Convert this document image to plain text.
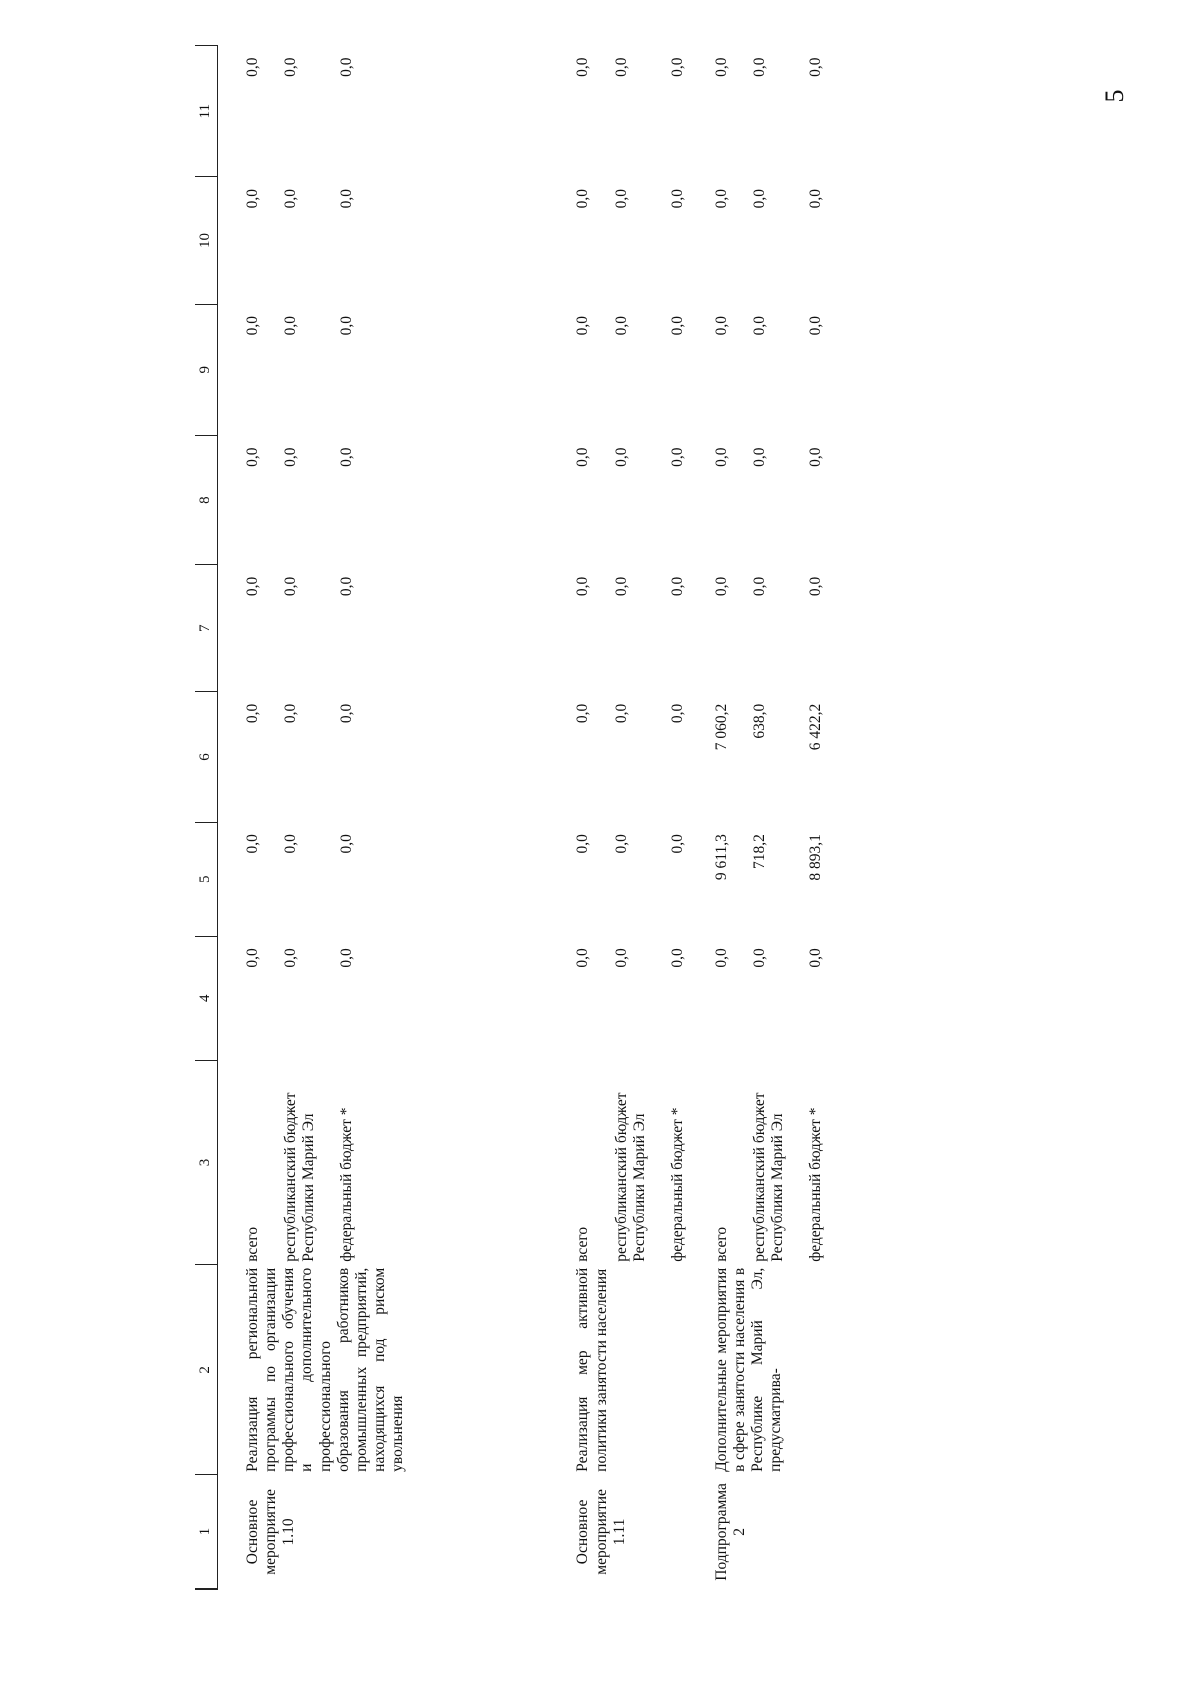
5
1	2	3	4	5	6	7	8	9	10	11
Основное мероприятие 1.10	Реализация региональной программы по организации профессионального обучения и дополнительного профессионального образования работников промышленных предприятий, находящихся под риском увольнения	всего	0,0	0,0	0,0	0,0	0,0	0,0	0,0	0,0
		республиканский бюджет Республики Марий Эл	0,0	0,0	0,0	0,0	0,0	0,0	0,0	0,0
		федеральный бюджет *	0,0	0,0	0,0	0,0	0,0	0,0	0,0	0,0
Основное мероприятие 1.11	Реализация мер активной политики занятости населения	всего	0,0	0,0	0,0	0,0	0,0	0,0	0,0	0,0
		республиканский бюджет Республики Марий Эл	0,0	0,0	0,0	0,0	0,0	0,0	0,0	0,0
		федеральный бюджет *	0,0	0,0	0,0	0,0	0,0	0,0	0,0	0,0
Подпрограмма 2	Дополнительные мероприятия в сфере занятости населения в Республике Марий Эл, предусматрива-	всего	0,0	9 611,3	7 060,2	0,0	0,0	0,0	0,0	0,0
		республиканский бюджет Республики Марий Эл	0,0	718,2	638,0	0,0	0,0	0,0	0,0	0,0
		федеральный бюджет *	0,0	8 893,1	6 422,2	0,0	0,0	0,0	0,0	0,0
